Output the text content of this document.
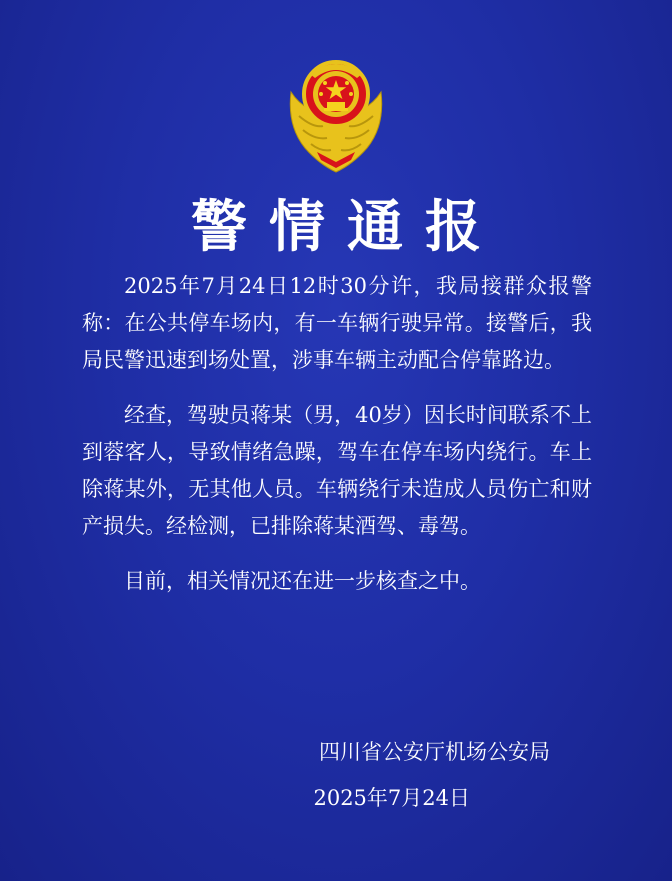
警情通报

2025年7月24日12时30分许，我局接群众报警称：在公共停车场内，有一车辆行驶异常。接警后，我局民警迅速到场处置，涉事车辆主动配合停靠路边。

经查，驾驶员蒋某（男，40岁）因长时间联系不上到蓉客人，导致情绪急躁，驾车在停车场内绕行。车上除蒋某外，无其他人员。车辆绕行未造成人员伤亡和财产损失。经检测，已排除蒋某酒驾、毒驾。

目前，相关情况还在进一步核查之中。

四川省公安厅机场公安局
2025年7月24日
